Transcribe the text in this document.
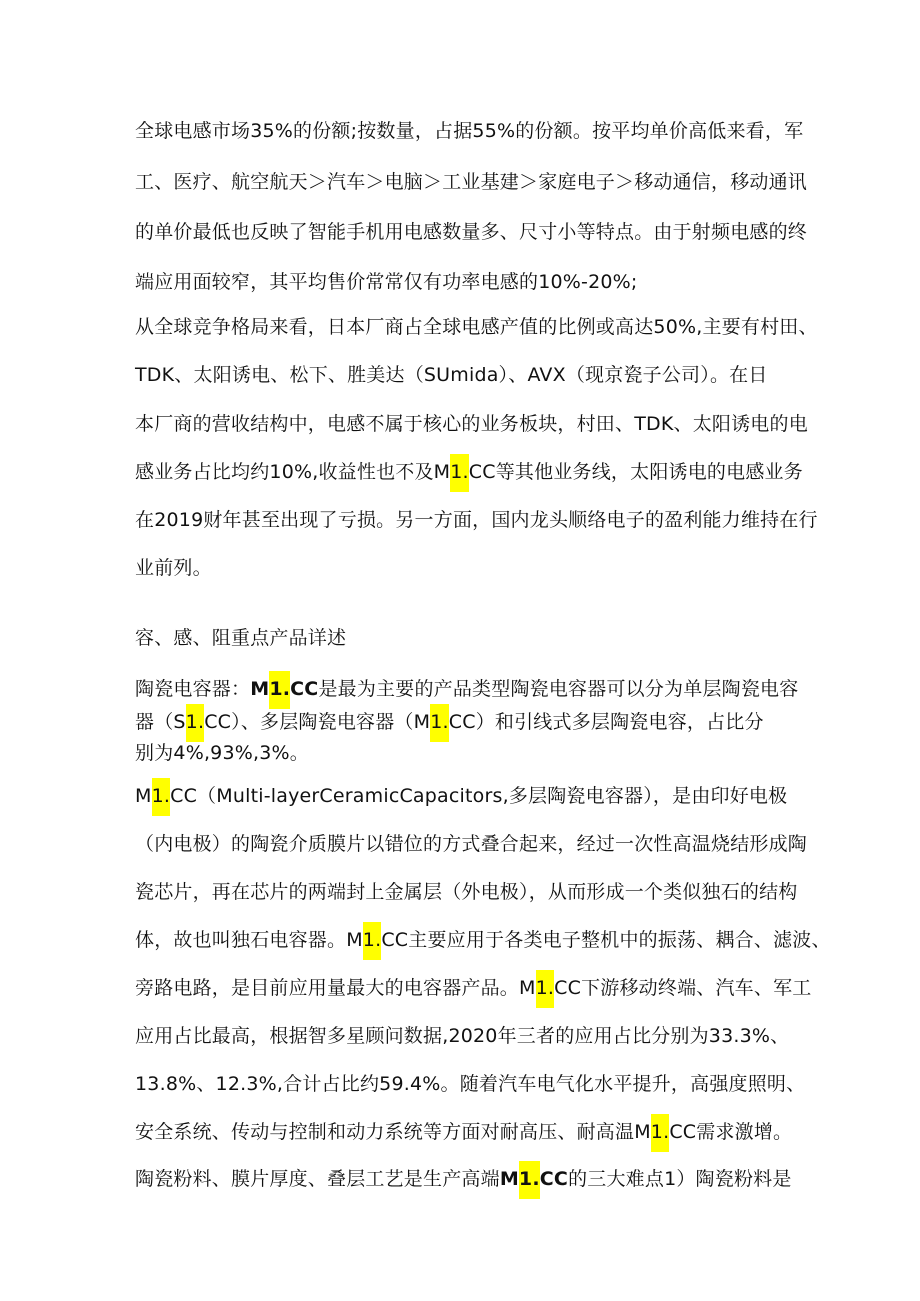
全球电感市场35%的份额;按数量，占据55%的份额。按平均单价高低来看，军
工、医疗、航空航天＞汽车＞电脑＞工业基建＞家庭电子＞移动通信，移动通讯
的单价最低也反映了智能手机用电感数量多、尺寸小等特点。由于射频电感的终
端应用面较窄，其平均售价常常仅有功率电感的10%-20%;
从全球竞争格局来看，日本厂商占全球电感产值的比例或高达50%,主要有村田、
TDK、太阳诱电、松下、胜美达（SUmida）、AVX（现京瓷子公司）。在日
本厂商的营收结构中，电感不属于核心的业务板块，村田、TDK、太阳诱电的电
感业务占比均约10%,收益性也不及M1.CC等其他业务线，太阳诱电的电感业务
在2019财年甚至出现了亏损。另一方面，国内龙头顺络电子的盈利能力维持在行
业前列。
容、感、阻重点产品详述
陶瓷电容器：M1.CC是最为主要的产品类型陶瓷电容器可以分为单层陶瓷电容
器（S1.CC）、多层陶瓷电容器（M1.CC）和引线式多层陶瓷电容，占比分
别为4%,93%,3%。
M1.CC（Multi-layerCeramicCapacitors,多层陶瓷电容器），是由印好电极
（内电极）的陶瓷介质膜片以错位的方式叠合起来，经过一次性高温烧结形成陶
瓷芯片，再在芯片的两端封上金属层（外电极），从而形成一个类似独石的结构
体，故也叫独石电容器。M1.CC主要应用于各类电子整机中的振荡、耦合、滤波、
旁路电路，是目前应用量最大的电容器产品。M1.CC下游移动终端、汽车、军工
应用占比最高，根据智多星顾问数据,2020年三者的应用占比分别为33.3%、
13.8%、12.3%,合计占比约59.4%。随着汽车电气化水平提升，高强度照明、
安全系统、传动与控制和动力系统等方面对耐高压、耐高温M1.CC需求激增。
陶瓷粉料、膜片厚度、叠层工艺是生产高端M1.CC的三大难点1）陶瓷粉料是
